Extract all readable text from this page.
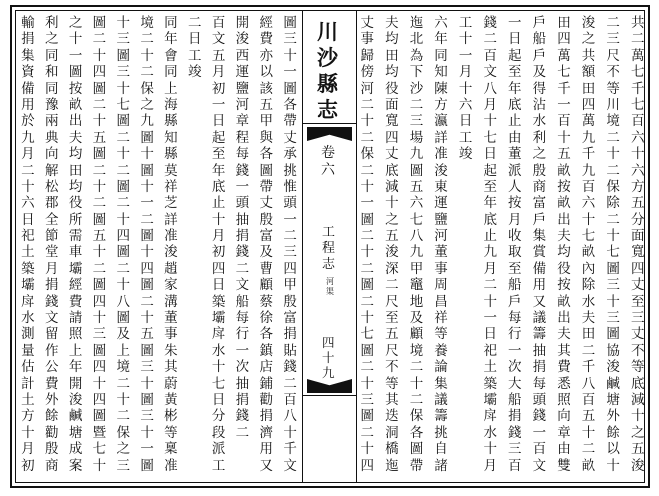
圖
三
十
一
圖
各
帶
丈
承
挑
惟
頭
一
二
三
四
甲
殷
富
捐
貼
錢
二
百
八
十
千
文
經
費
亦
以
該
五
甲
與
各
圖
帶
丈
殷
富
及
曹
顧
蔡
徐
各
鎮
店
鋪
勸
捐
濟
用
又
開
浚
西
運
鹽
河
章
程
每
錢
一
頭
抽
捐
錢
二
文
船
每
行
一
次
抽
捐
錢
二
百
文
五
月
初
一
日
起
至
年
底
止
十
月
初
四
日
築
壩
戽
水
十
七
日
分
段
派
工
二
日
工
竣
同
年
會
同
上
海
縣
知
縣
莫
祥
芝
詳
准
浚
趙
家
溝
董
事
朱
其
蔚
黃
彬
等
稟
准
境
二
十
二
保
之
九
圖
十
圖
十
一
二
圖
十
四
圖
二
十
五
圖
三
十
圖
三
十
一
圖
十
三
圖
三
十
七
圖
二
十
二
圖
二
十
四
圖
二
十
八
圖
及
上
境
二
十
二
保
之
三
圖
二
十
四
圖
二
十
五
圖
二
十
二
圖
五
十
二
圖
四
十
三
圖
四
十
四
圖
暨
七
十
之
十
一
圖
按
畝
出
夫
均
田
均
役
所
需
車
壩
經
費
請
照
上
年
開
浚
鹹
塘
成
案
利
之
同
和
同
豫
兩
典
向
解
松
郡
全
節
堂
月
捐
錢
文
留
作
公
費
外
餘
勸
殷
商
輸
捐
集
資
備
用
於
九
月
二
十
六
日
祀
土
築
壩
戽
水
測
量
估
計
土
方
十
月
初
川
沙
縣
志
卷
六
工
程
志
河
渠
四
十
九
共
二
萬
七
千
七
百
六
十
六
方
五
分
面
寬
四
丈
至
三
丈
不
等
底
減
十
之
五
浚
二
三
尺
不
等
川
境
二
十
二
保
除
二
十
七
圖
三
十
三
圖
協
浚
鹹
塘
外
餘
以
十
浚
之
共
額
田
四
萬
九
千
九
百
六
十
七
畝
內
除
水
夫
田
二
千
八
百
五
十
二
畝
田
四
萬
七
千
一
百
十
五
畝
按
畝
出
夫
均
役
按
畝
出
夫
其
費
悉
照
向
章
由
雙
戶
船
戶
及
得
沾
水
利
之
殷
商
富
戶
集
賞
備
用
又
議
籌
抽
捐
每
頭
錢
一
百
文
一
日
起
至
年
底
止
由
董
派
人
按
月
收
取
至
船
戶
每
行
一
次
大
船
捐
錢
三
百
錢
二
百
文
八
月
十
七
日
起
至
年
底
止
九
月
二
十
一
日
祀
土
築
壩
戽
水
十
月
工
十
一
月
十
六
日
工
竣
六
年
同
知
陳
方
瀛
詳
准
浚
東
運
鹽
河
董
事
周
昌
祥
等
養
論
集
議
籌
挑
自
諸
迤
北
為
下
沙
二
三
場
九
圖
五
六
七
八
九
甲
竈
地
及
顧
境
二
十
二
保
各
圖
帶
夫
均
田
均
役
面
寬
四
丈
底
減
十
之
五
浚
深
二
尺
至
五
尺
不
等
其
迭
洞
橋
迤
丈
事
歸
傍
河
二
十
二
保
二
十
一
圖
二
十
二
圖
二
十
七
圖
二
十
三
圖
二
十
四
